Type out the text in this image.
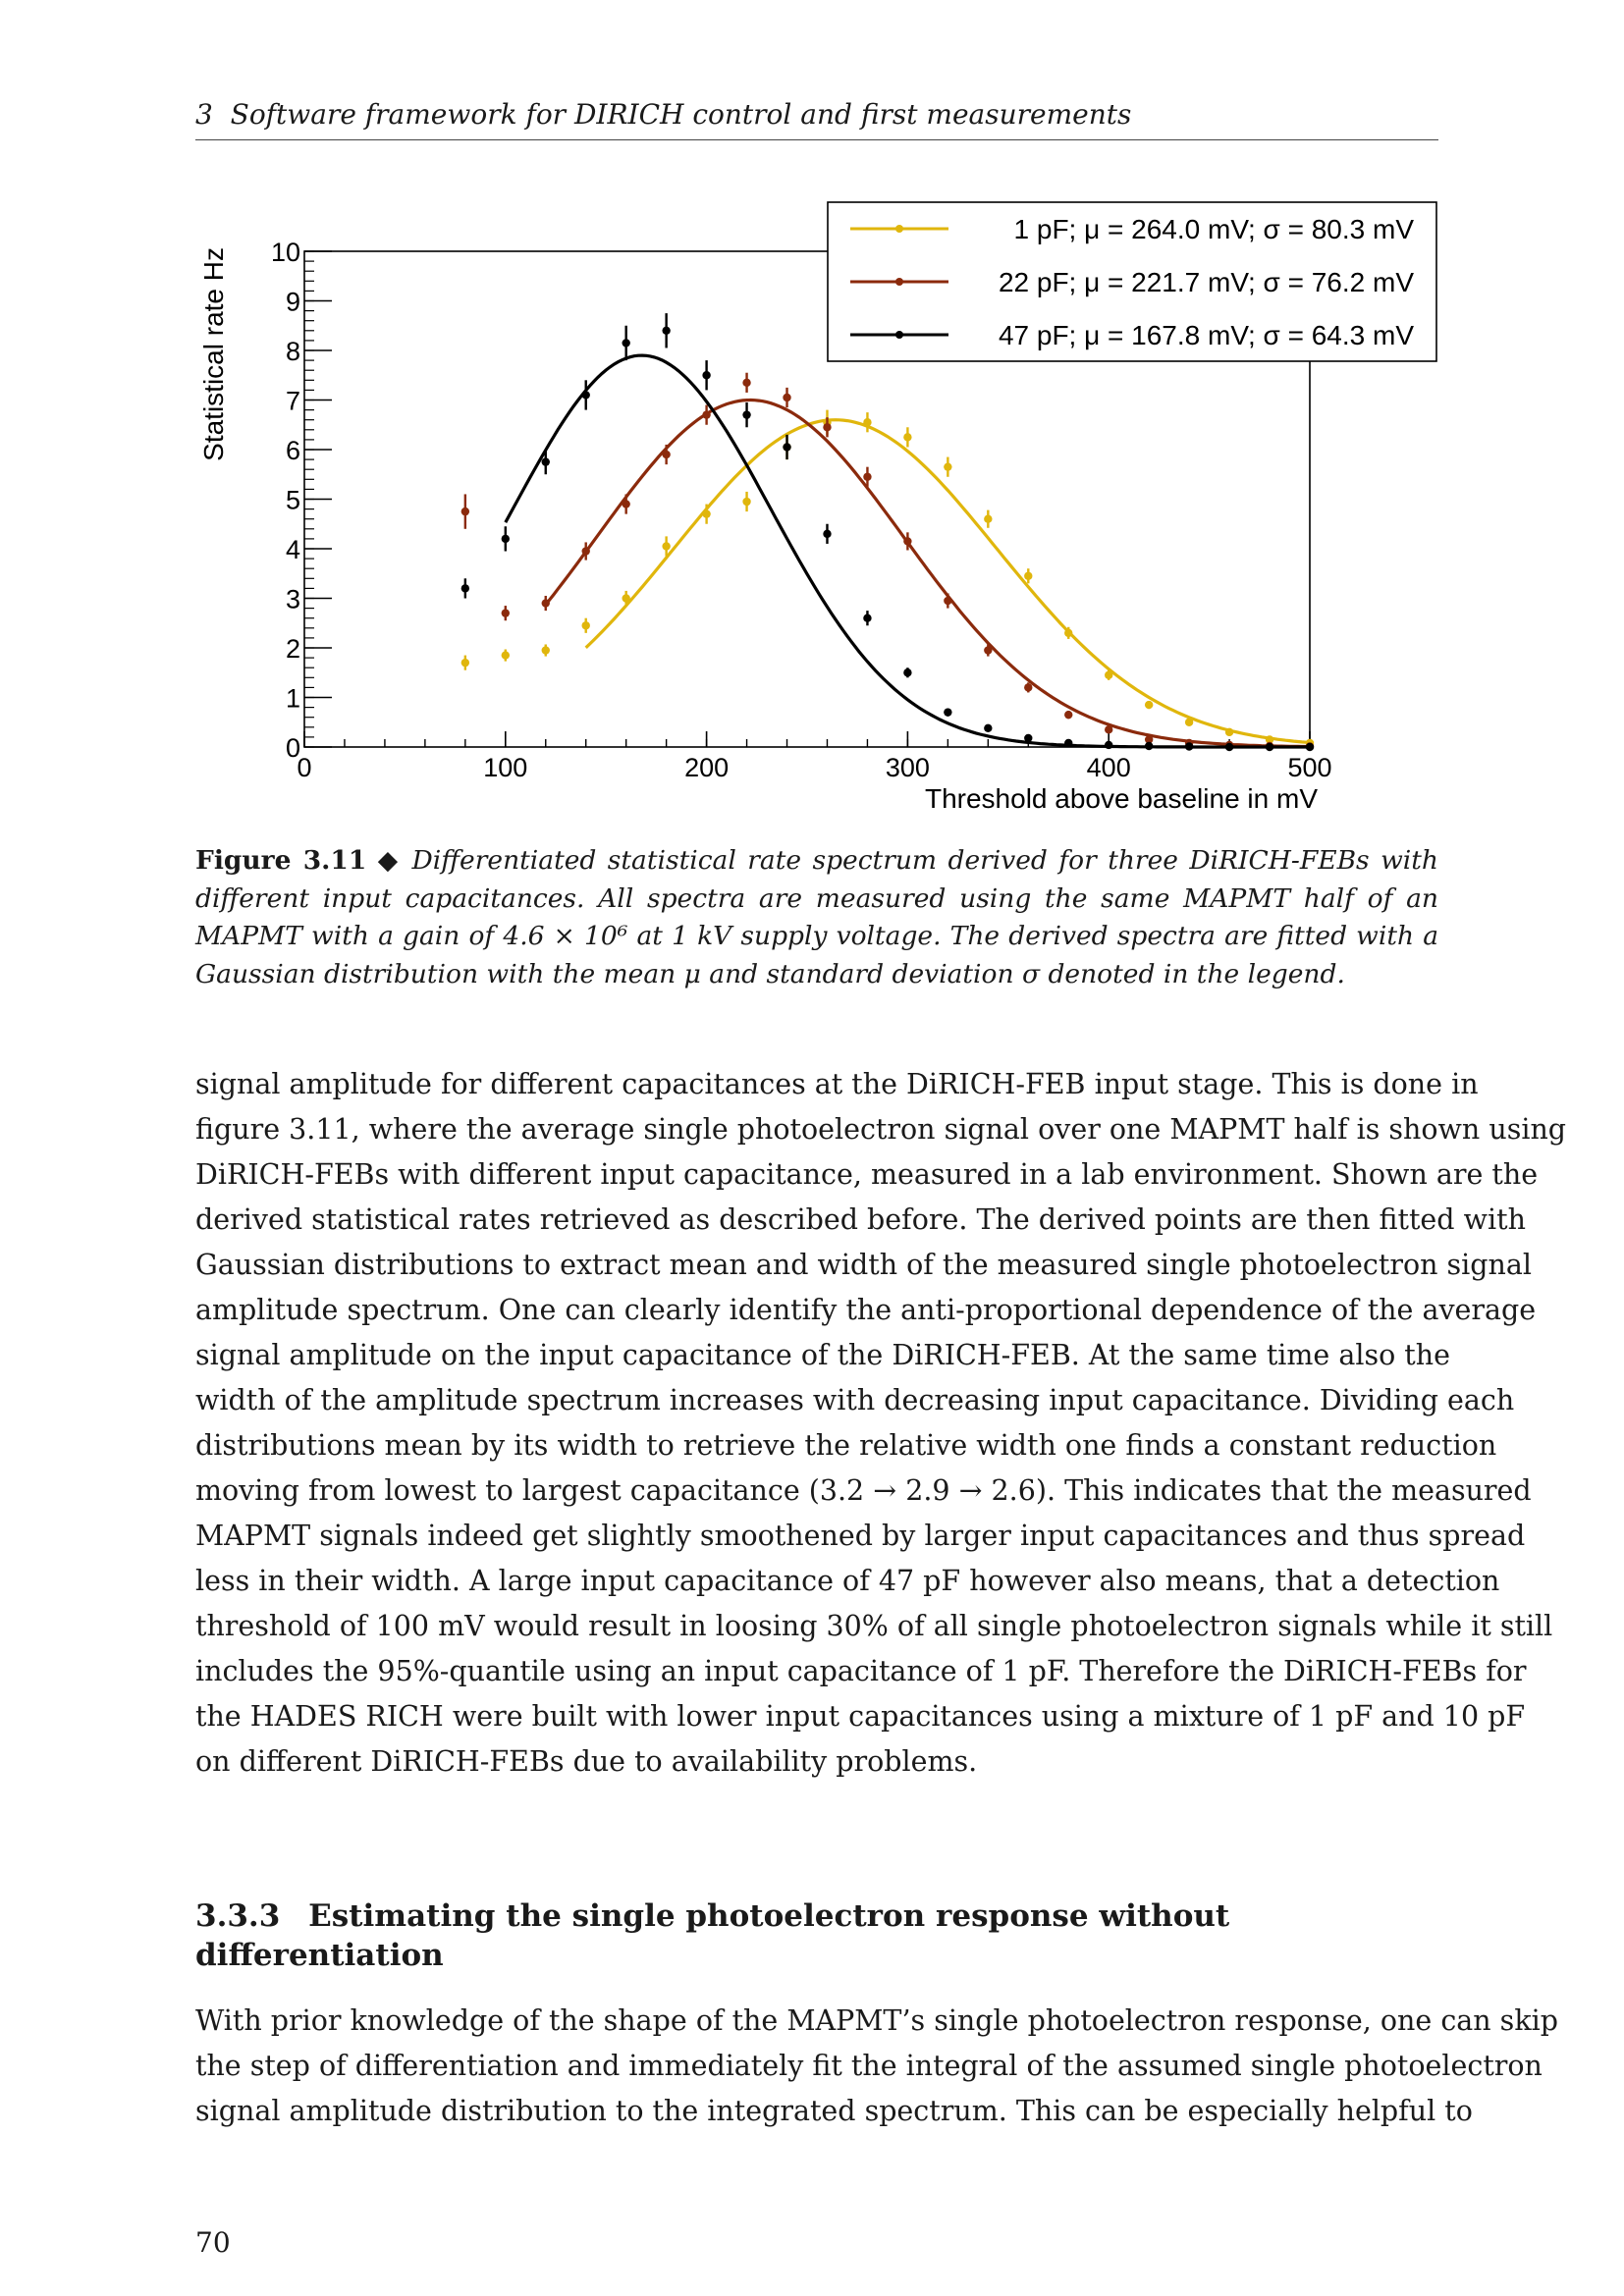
3 Software framework for DIRICH control and first measurements
0	100	200	300	400	500
0
1
2
3
4
5
6
7
8
9
10
Threshold above baseline in mV
Statistical rate Hz
1 pF; μ = 264.0 mV; σ = 80.3 mV
22 pF; μ = 221.7 mV; σ = 76.2 mV
47 pF; μ = 167.8 mV; σ = 64.3 mV
Figure 3.11 ◆ Differentiated statistical rate spectrum derived for three DiRICH-FEBs with different input capacitances. All spectra are measured using the same MAPMT half of an MAPMT with a gain of 4.6 × 10⁶ at 1 kV supply voltage. The derived spectra are fitted with a Gaussian distribution with the mean μ and standard deviation σ denoted in the legend.
signal amplitude for different capacitances at the DiRICH-FEB input stage. This is done in
figure 3.11, where the average single photoelectron signal over one MAPMT half is shown using
DiRICH-FEBs with different input capacitance, measured in a lab environment. Shown are the
derived statistical rates retrieved as described before. The derived points are then fitted with
Gaussian distributions to extract mean and width of the measured single photoelectron signal
amplitude spectrum. One can clearly identify the anti-proportional dependence of the average
signal amplitude on the input capacitance of the DiRICH-FEB. At the same time also the
width of the amplitude spectrum increases with decreasing input capacitance. Dividing each
distributions mean by its width to retrieve the relative width one finds a constant reduction
moving from lowest to largest capacitance (3.2 → 2.9 → 2.6). This indicates that the measured
MAPMT signals indeed get slightly smoothened by larger input capacitances and thus spread
less in their width. A large input capacitance of 47 pF however also means, that a detection
threshold of 100 mV would result in loosing 30% of all single photoelectron signals while it still
includes the 95%-quantile using an input capacitance of 1 pF. Therefore the DiRICH-FEBs for
the HADES RICH were built with lower input capacitances using a mixture of 1 pF and 10 pF
on different DiRICH-FEBs due to availability problems.
3.3.3 Estimating the single photoelectron response without differentiation
With prior knowledge of the shape of the MAPMT’s single photoelectron response, one can skip
the step of differentiation and immediately fit the integral of the assumed single photoelectron
signal amplitude distribution to the integrated spectrum. This can be especially helpful to
70
